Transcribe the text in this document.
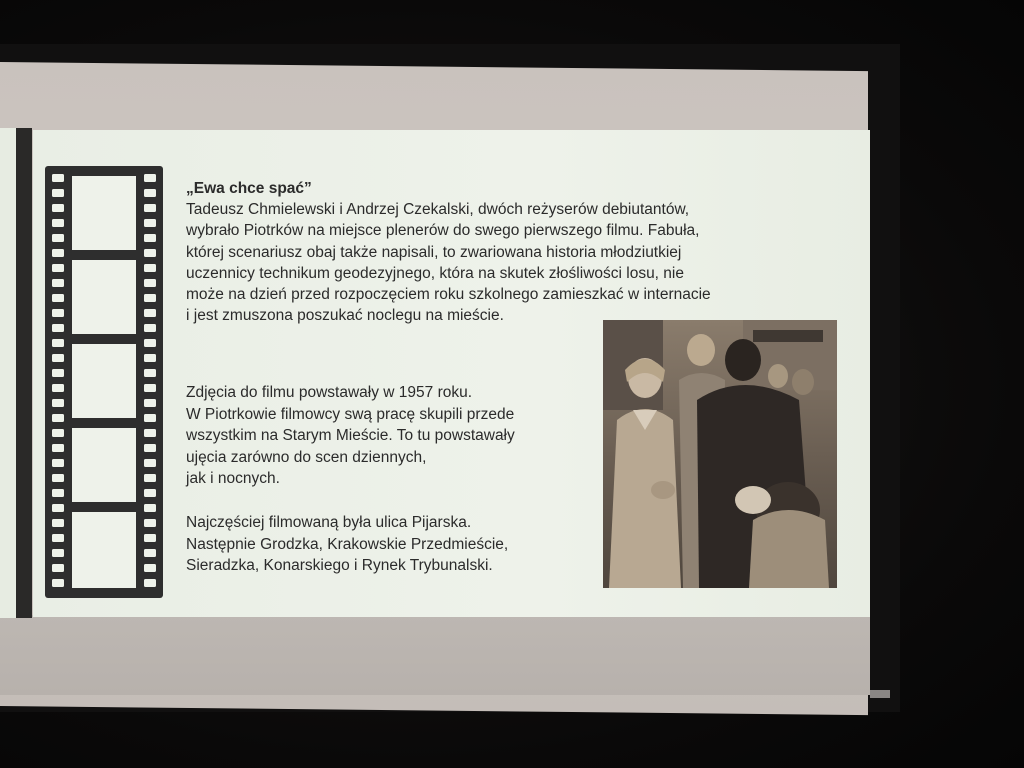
„Ewa chce spać”
Tadeusz Chmielewski i Andrzej Czekalski, dwóch reżyserów debiutantów,
wybrało Piotrków na miejsce plenerów do swego pierwszego filmu. Fabuła,
której scenariusz obaj także napisali, to zwariowana historia młodziutkiej
uczennicy technikum geodezyjnego, która na skutek złośliwości losu, nie
może na dzień przed rozpoczęciem roku szkolnego zamieszkać w internacie
i jest zmuszona poszukać noclegu na mieście.
Zdjęcia do filmu powstawały w 1957 roku.
W Piotrkowie filmowcy swą pracę skupili przede
wszystkim na Starym Mieście. To tu powstawały
ujęcia zarówno do scen dziennych,
jak i nocnych.
Najczęściej filmowaną była ulica Pijarska.
Następnie Grodzka, Krakowskie Przedmieście,
Sieradzka, Konarskiego i Rynek Trybunalski.
